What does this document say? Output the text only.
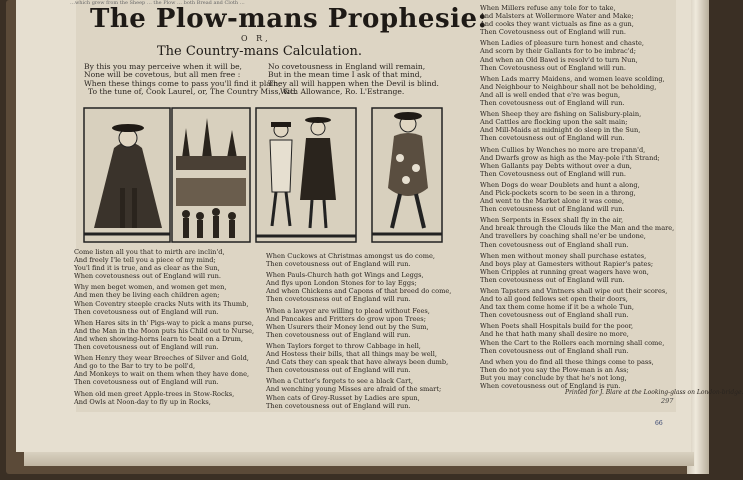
…which grew from the Sheep … the Plow … both Bread and Cloth …
The Plow-mans Prophesie:
O R,
The Country-mans Calculation.
By this you may perceive when it will be,
None will be covetous, but all men free :
When these things come to pass you'll find it plain,
To the tune of, Cook Laurel, or, The Country Miss, &c.
No covetousness in England will remain,
But in the mean time I ask of that mind,
They all will happen when the Devil is blind.
With Allowance, Ro. L'Estrange.
Come listen all you that to mirth are inclin'd,
And freely I'le tell you a piece of my mind;
You'l find it is true, and as clear as the Sun,
When covetousness out of England will run.
Why men beget women, and women get men,
And men they be living each children agen;
When Coventry steeple cracks Nuts with its Thumb,
Then covetousness out of England will run.
When Hares sits in th' Pigs-way to pick a mans purse,
And the Man in the Moon puts his Child out to Nurse,
And when showing-horns learn to beat on a Drum,
Then covetousness out of England will run.
When Henry they wear Breeches of Silver and Gold,
And go to the Bar to try to be poll'd,
And Monkeys to wait on them when they have done,
Then covetousness out of England will run.
When old men greet Apple-trees in Stow-Rocks,
And Owls at Noon-day to fly up in Rocks,
When Cuckows at Christmas amongst us do come,
Then covetousness out of England will run.
When Pauls-Church hath got Wings and Leggs,
And flys upon London Stones for to lay Eggs;
And when Chickens and Capons of that breed do come,
Then covetousness out of England will run.
When a lawyer are willing to plead without Fees,
And Pancakes and Fritters do grow upon Trees;
When Usurers their Money lend out by the Sum,
Then covetousness out of England will run.
When Taylors forget to throw Cabbage in hell,
And Hostess their bills, that all things may be well,
And Cats they can speak that have always been dumb,
Then covetousness out of England will run.
When a Cutter's forgets to see a black Cart,
And wenching young Misses are afraid of the smart;
When cats of Grey-Russet by Ladies are spun,
Then covetousness out of England will run.
When Millers refuse any tole for to take,
And Malsters at Wollermore Water and Make;
And cooks they want victuals as fine as a gun,
Then Covetousness out of England will run.
When Ladies of pleasure turn honest and chaste,
And scorn by their Gallants for to be imbrac'd;
And when an Old Bawd is resolv'd to turn Nun,
Then Covetousness out of England will run.
When Lads marry Maidens, and women leave scolding,
And Neighbour to Neighbour shall not be beholding,
And all is well ended that e're was begun,
Then covetousness out of England will run.
When Sheep they are fishing on Salisbury-plain,
And Cattles are flocking upon the salt main;
And Mill-Maids at midnight do sleep in the Sun,
Then covetousness out of England will run.
When Cullies by Wenches no more are trepann'd,
And Dwarfs grow as high as the May-pole i'th Strand;
When Gallants pay Debts without over a dun,
Then Covetousness out of England will run.
When Dogs do wear Doublets and hunt a along,
And Pick-pockets scorn to be seen in a throng,
And went to the Market alone it was come,
Then covetousness out of England will run.
When Serpents in Essex shall fly in the air,
And break through the Clouds like the Man and the mare,
And travellers by coaching shall ne'er be undone,
Then covetousness out of England shall run.
When men without money shall purchase estates,
And boys play at Gamesters without Rapier's pates;
When Cripples at running great wagers have won,
Then covetousness out of England will run.
When Tapsters and Vintners shall wipe out their scores,
And to all good fellows set open their doors,
And tax them come home if it be a whole Tun,
Then covetousness out of England shall run.
When Poets shall Hospitals build for the poor,
And he that hath many shall desire no more,
When the Cart to the Rollers each morning shall come,
Then covetousness out of England shall run.
And when you do find all these things come to pass,
Then do not you say the Plow-man is an Ass;
But you may conclude by that he's not long,
When covetousness out of England is run.
Printed for J. Blare at the Looking-glass on London-bridge.
297
66
